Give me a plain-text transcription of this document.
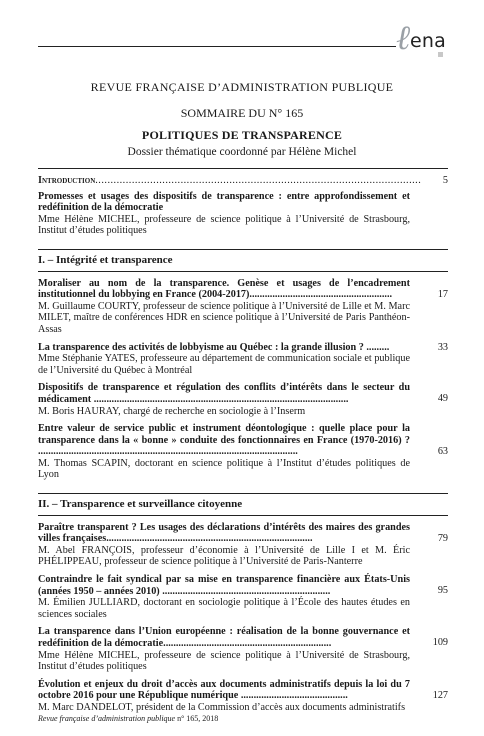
ℓ ena
REVUE FRANÇAISE D’ADMINISTRATION PUBLIQUE
SOMMAIRE DU N° 165
POLITIQUES DE TRANSPARENCE
Dossier thématique coordonné par Hélène Michel
Introduction...........................................................................................................	5
Promesses et usages des dispositifs de transparence : entre approfondissement et redéfinition de la démocratie
Mme Hélène MICHEL, professeure de science politique à l’Université de Strasbourg, Institut d’études politiques
I. – Intégrité et transparence
Moraliser au nom de la transparence. Genèse et usages de l’encadrement institutionnel du lobbying en France (2004-2017)........................................................
M. Guillaume COURTY, professeur de science politique à l’Université de Lille et M. Marc MILET, maître de conférences HDR en science politique à l’Université de Paris Panthéon-Assas
17
La transparence des activités de lobbyisme au Québec : la grande illusion ? .........
Mme Stéphanie YATES, professeure au département de communication sociale et publique de l’Université du Québec à Montréal
33
Dispositifs de transparence et régulation des conflits d’intérêts dans le secteur du médicament ....................................................................................................
M. Boris HAURAY, chargé de recherche en sociologie à l’Inserm
49
Entre valeur de service public et instrument déontologique : quelle place pour la transparence dans la « bonne » conduite des fonctionnaires en France (1970-2016) ? ......................................................................................................
M. Thomas SCAPIN, doctorant en science politique à l’Institut d’études politiques de Lyon
63
II. – Transparence et surveillance citoyenne
Paraître transparent ? Les usages des déclarations d’intérêts des maires des grandes villes françaises.................................................................................
M. Abel FRANÇOIS, professeur d’économie à l’Université de Lille I et M. Éric PHÉLIPPEAU, professeur de science politique à l’Université de Paris-Nanterre
79
Contraindre le fait syndical par sa mise en transparence financière aux États-Unis (années 1950 – années 2010) ..................................................................
M. Émilien JULLIARD, doctorant en sociologie politique à l’École des hautes études en sciences sociales
95
La transparence dans l’Union européenne : réalisation de la bonne gouvernance et redéfinition de la démocratie..................................................................
Mme Hélène MICHEL, professeure de science politique à l’Université de Strasbourg, Institut d’études politiques
109
Évolution et enjeux du droit d’accès aux documents administratifs depuis la loi du 7 octobre 2016 pour une République numérique ..........................................
M. Marc DANDELOT, président de la Commission d’accès aux documents administratifs
127
Revue française d’administration publique n° 165, 2018
